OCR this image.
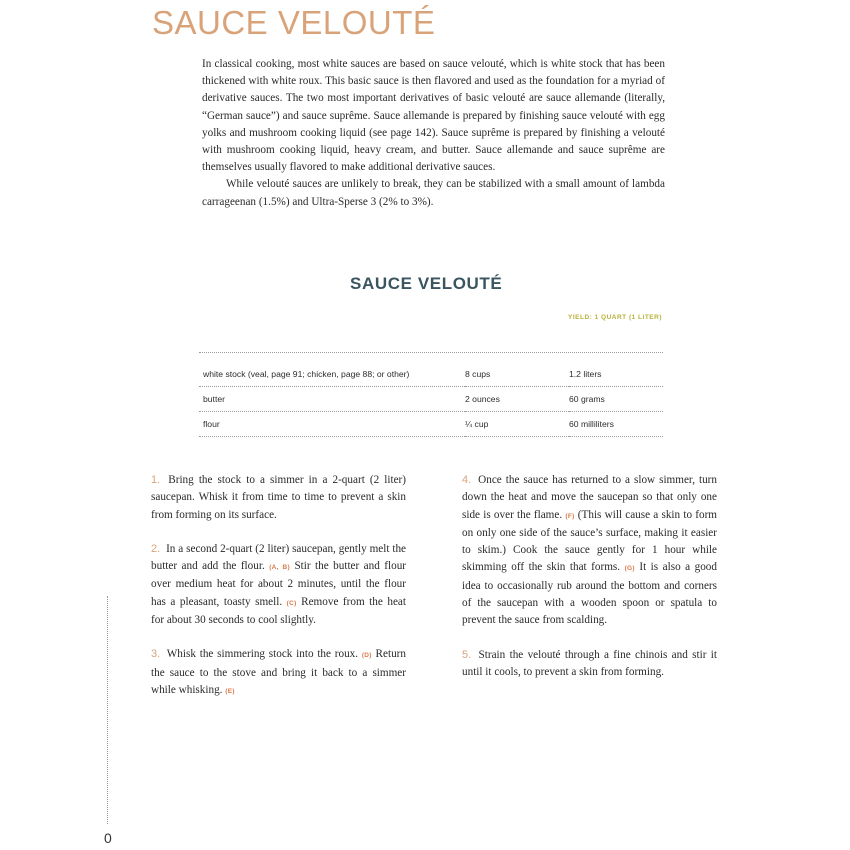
SAUCE VELOUTÉ

In classical cooking, most white sauces are based on sauce velouté, which is white stock that has been thickened with white roux. This basic sauce is then flavored and used as the foundation for a myriad of derivative sauces. The two most important derivatives of basic velouté are sauce allemande (literally, “German sauce”) and sauce suprême. Sauce allemande is prepared by finishing sauce velouté with egg yolks and mushroom cooking liquid (see page 142). Sauce suprême is prepared by finishing a velouté with mushroom cooking liquid, heavy cream, and butter. Sauce allemande and sauce suprême are themselves usually flavored to make additional derivative sauces.

While velouté sauces are unlikely to break, they can be stabilized with a small amount of lambda carrageenan (1.5%) and Ultra-Sperse 3 (2% to 3%).

SAUCE VELOUTÉ
YIELD: 1 QUART (1 LITER)
white stock (veal, page 91; chicken, page 88; or other)	8 cups	1.2 liters
butter	2 ounces	60 grams
flour	¼ cup	60 milliliters

1. Bring the stock to a simmer in a 2-quart (2 liter) saucepan. Whisk it from time to time to prevent a skin from forming on its surface.

2. In a second 2-quart (2 liter) saucepan, gently melt the butter and add the flour. (A, B) Stir the butter and flour over medium heat for about 2 minutes, until the flour has a pleasant, toasty smell. (C) Remove from the heat for about 30 seconds to cool slightly.

3. Whisk the simmering stock into the roux. (D) Return the sauce to the stove and bring it back to a simmer while whisking. (E)

4. Once the sauce has returned to a slow simmer, turn down the heat and move the saucepan so that only one side is over the flame. (F) (This will cause a skin to form on only one side of the sauce’s surface, making it easier to skim.) Cook the sauce gently for 1 hour while skimming off the skin that forms. (G) It is also a good idea to occasionally rub around the bottom and corners of the saucepan with a wooden spoon or spatula to prevent the sauce from scalding.

5. Strain the velouté through a fine chinois and stir it until it cools, to prevent a skin from forming.

0
